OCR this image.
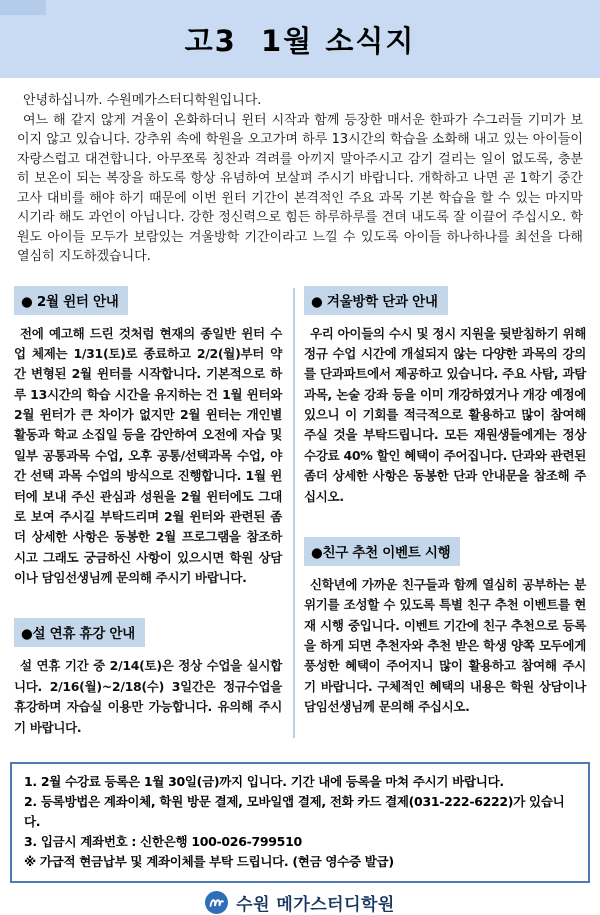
고3  1월 소식지

안녕하십니까. 수원메가스터디학원입니다.

여느 해 같지 않게 겨울이 온화하더니 윈터 시작과 함께 등장한 매서운 한파가 수그러들 기미가 보이지 않고 있습니다. 강추위 속에 학원을 오고가며 하루 13시간의 학습을 소화해 내고 있는 아이들이 자랑스럽고 대견합니다. 아무쪼록 칭찬과 격려를 아끼지 말아주시고 감기 걸리는 일이 없도록, 충분히 보온이 되는 복장을 하도록 항상 유념하여 보살펴 주시기 바랍니다. 개학하고 나면 곧 1학기 중간고사 대비를 해야 하기 때문에 이번 윈터 기간이 본격적인 주요 과목 기본 학습을 할 수 있는 마지막 시기라 해도 과언이 아닙니다. 강한 정신력으로 힘든 하루하루를 견뎌 내도록 잘 이끌어 주십시오. 학원도 아이들 모두가 보람있는 겨울방학 기간이라고 느낄 수 있도록 아이들 하나하나를 최선을 다해 열심히 지도하겠습니다.

● 2월 윈터 안내
전에 예고해 드린 것처럼 현재의 종일반 윈터 수업 체제는 1/31(토)로 종료하고 2/2(월)부터 약간 변형된 2월 윈터를 시작합니다. 기본적으로 하루 13시간의 학습 시간을 유지하는 건 1월 윈터와 2월 윈터가 큰 차이가 없지만 2월 윈터는 개인별 활동과 학교 소집일 등을 감안하여 오전에 자습 및 일부 공통과목 수업, 오후 공통/선택과목 수업, 야간 선택 과목 수업의 방식으로 진행합니다. 1월 윈터에 보내 주신 관심과 성원을 2월 윈터에도 그대로 보여 주시길 부탁드리며 2월 윈터와 관련된 좀더 상세한 사항은 동봉한 2월 프로그램을 참조하시고 그래도 궁금하신 사항이 있으시면 학원 상담이나 담임선생님께 문의해 주시기 바랍니다.
●설 연휴 휴강 안내
설 연휴 기간 중 2/14(토)은 정상 수업을 실시합니다. 2/16(월)~2/18(수) 3일간은 정규수업을 휴강하며 자습실 이용만 가능합니다. 유의해 주시기 바랍니다.
● 겨울방학 단과 안내
우리 아이들의 수시 및 정시 지원을 뒷받침하기 위해 정규 수업 시간에 개설되지 않는 다양한 과목의 강의를 단과파트에서 제공하고 있습니다. 주요 사탐, 과탐 과목, 논술 강좌 등을 이미 개강하였거나 개강 예정에 있으니 이 기회를 적극적으로 활용하고 많이 참여해 주실 것을 부탁드립니다. 모든 재원생들에게는 정상 수강료 40% 할인 혜택이 주어집니다. 단과와 관련된 좀더 상세한 사항은 동봉한 단과 안내문을 참조해 주십시오.
●친구 추천 이벤트 시행
신학년에 가까운 친구들과 함께 열심히 공부하는 분위기를 조성할 수 있도록 특별 친구 추천 이벤트를 현재 시행 중입니다. 이벤트 기간에 친구 추천으로 등록을 하게 되면 추천자와 추천 받은 학생 양쪽 모두에게 풍성한 혜택이 주어지니 많이 활용하고 참여해 주시기 바랍니다. 구체적인 혜택의 내용은 학원 상담이나 담임선생님께 문의해 주십시오.
1. 2월 수강료 등록은 1월 30일(금)까지 입니다. 기간 내에 등록을 마쳐 주시기 바랍니다.
2. 등록방법은 계좌이체, 학원 방문 결제, 모바일앱 결제, 전화 카드 결제(031-222-6222)가 있습니다.
3. 입금시 계좌번호 : 신한은행 100-026-799510
※ 가급적 현금납부 및 계좌이체를 부탁 드립니다. (현금 영수증 발급)
수원 메가스터디학원
